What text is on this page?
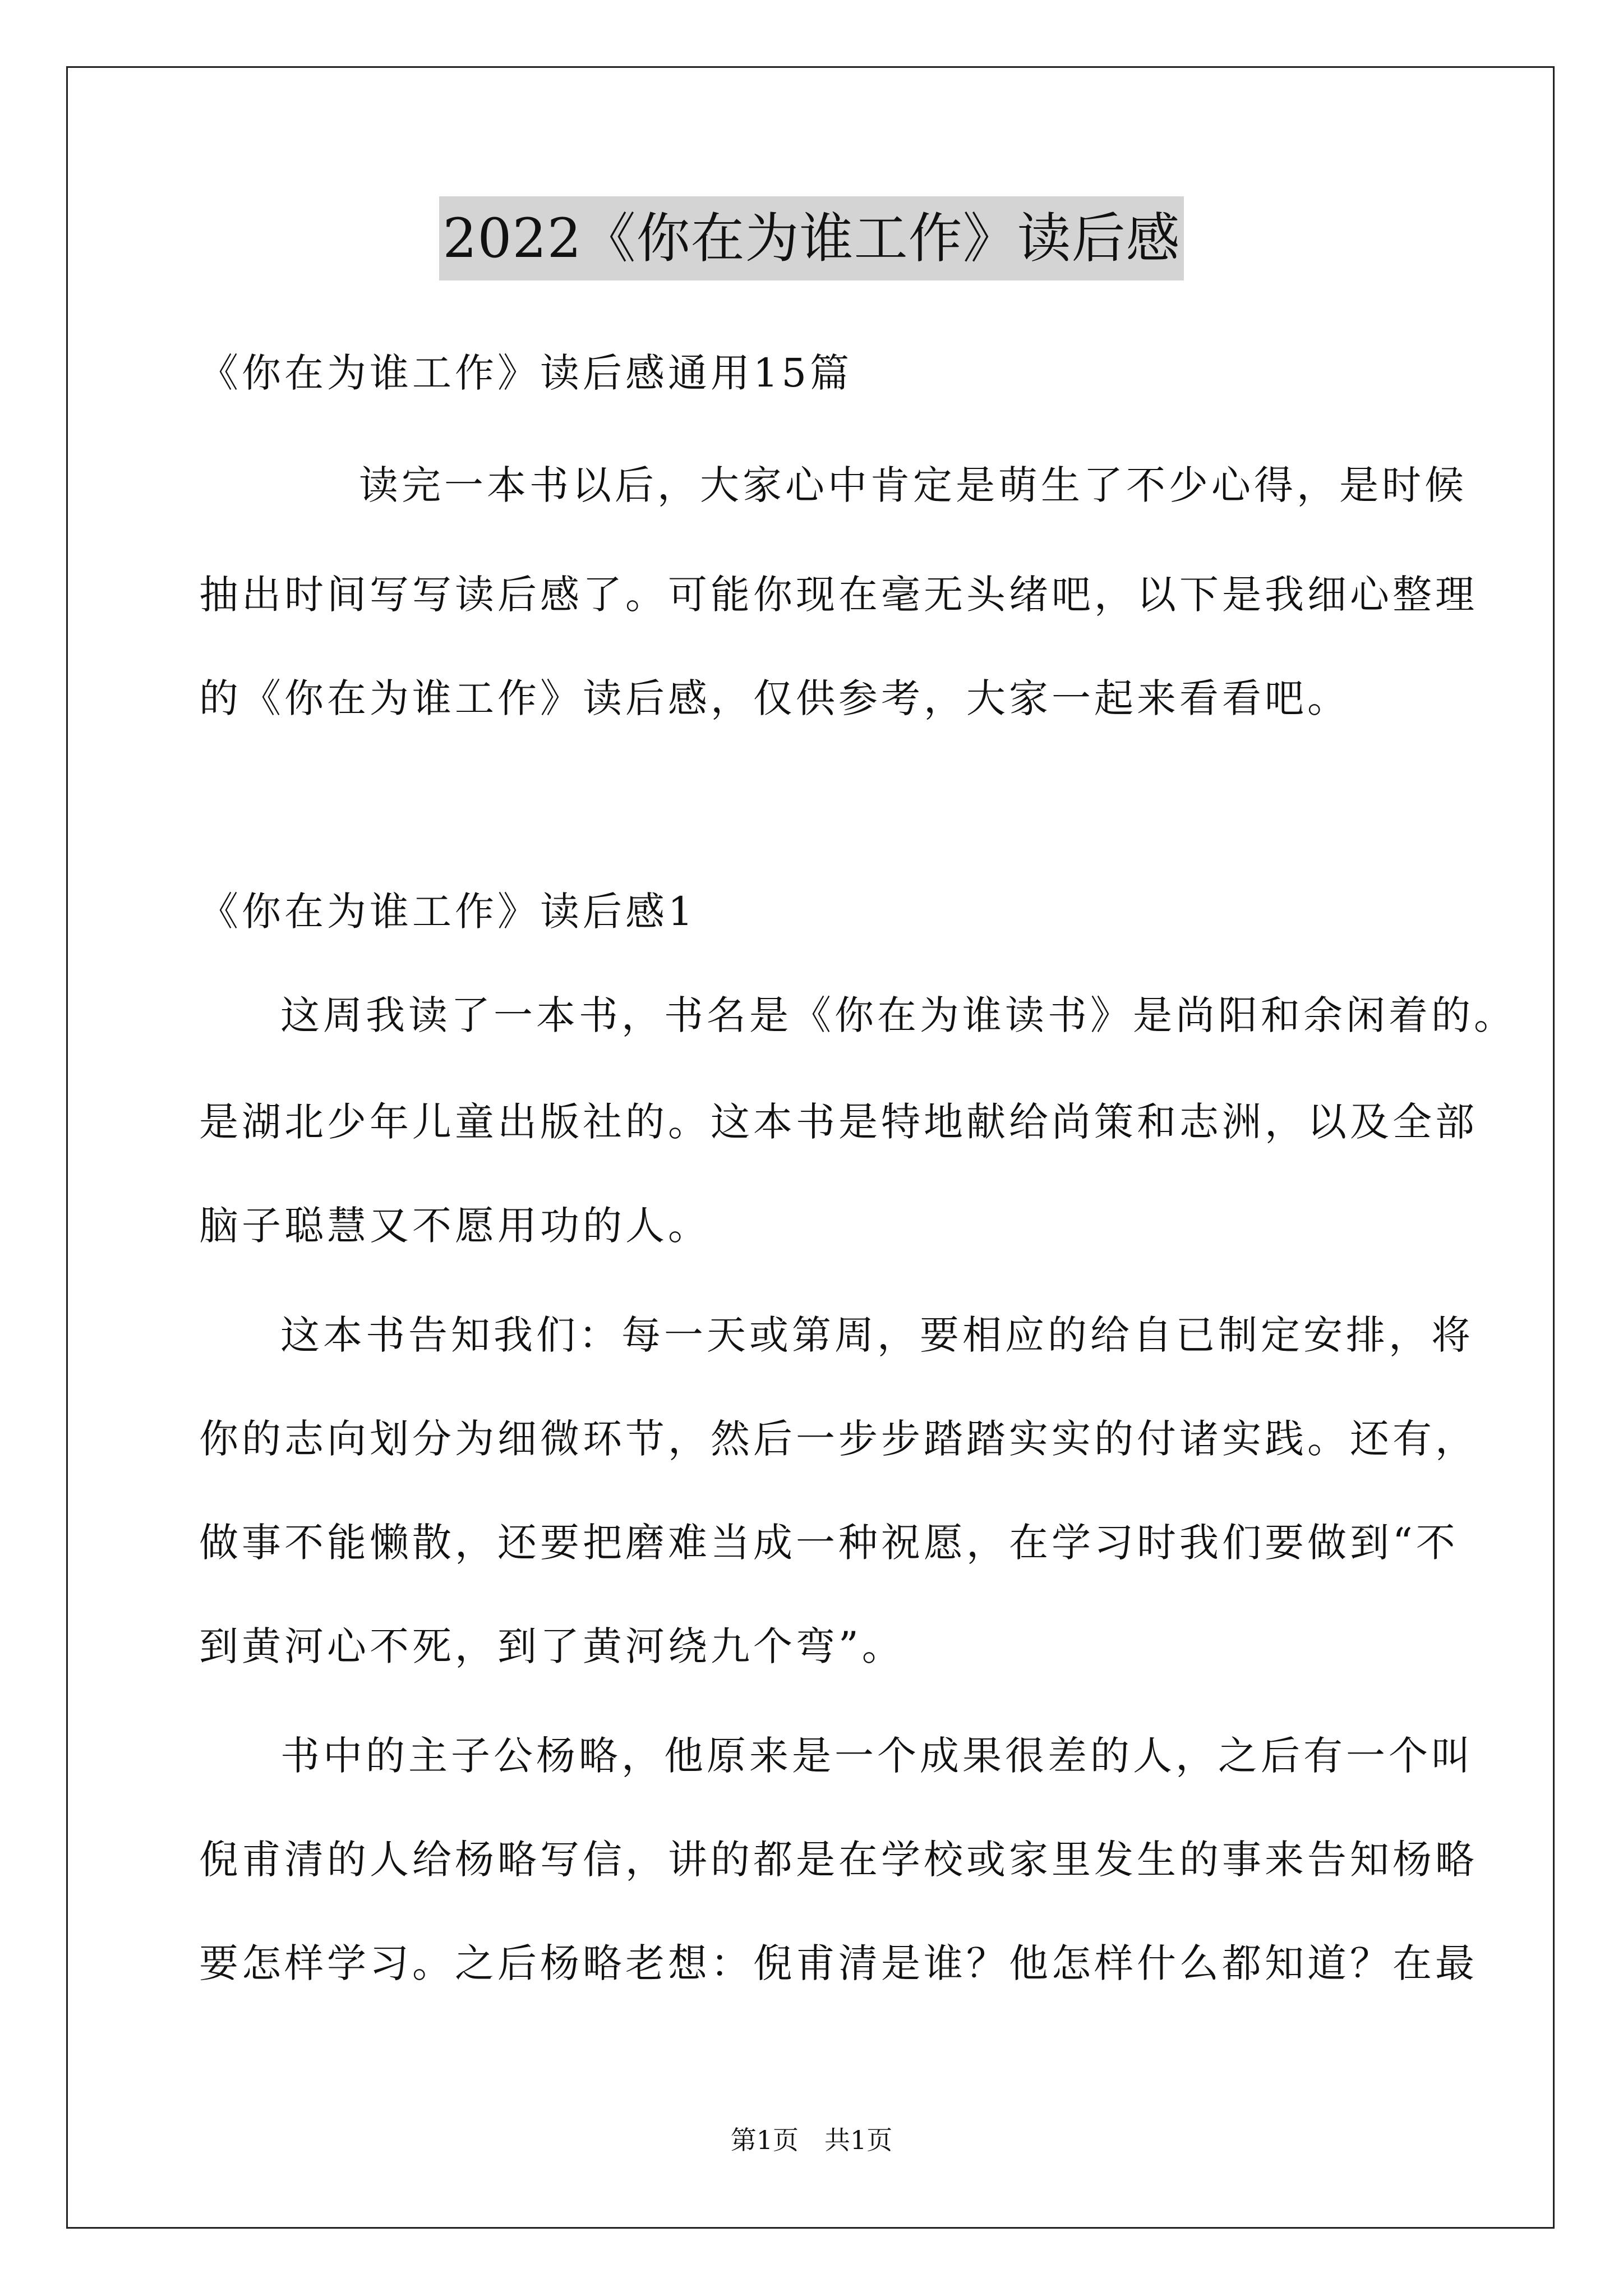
2022《你在为谁工作》读后感
《你在为谁工作》读后感通用15篇
读完一本书以后，大家心中肯定是萌生了不少心得，是时候
抽出时间写写读后感了。可能你现在毫无头绪吧，以下是我细心整理
的《你在为谁工作》读后感，仅供参考，大家一起来看看吧。
《你在为谁工作》读后感1
这周我读了一本书，书名是《你在为谁读书》是尚阳和余闲着的。
是湖北少年儿童出版社的。这本书是特地献给尚策和志洲，以及全部
脑子聪慧又不愿用功的人。
这本书告知我们：每一天或第周，要相应的给自已制定安排，将
你的志向划分为细微环节，然后一步步踏踏实实的付诸实践。还有，
做事不能懒散，还要把磨难当成一种祝愿，在学习时我们要做到“不
到黄河心不死，到了黄河绕九个弯”。
书中的主子公杨略，他原来是一个成果很差的人，之后有一个叫
倪甫清的人给杨略写信，讲的都是在学校或家里发生的事来告知杨略
要怎样学习。之后杨略老想：倪甫清是谁？他怎样什么都知道？在最
第1页　共1页
